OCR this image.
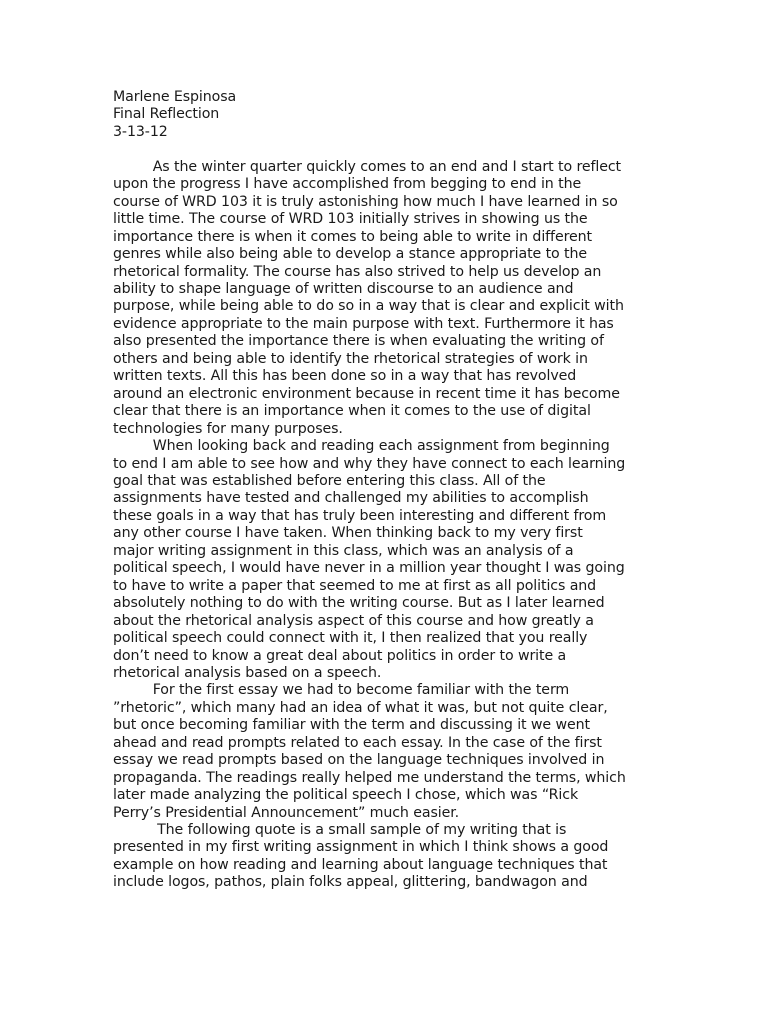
Marlene Espinosa
Final Reflection
3-13-12

As the winter quarter quickly comes to an end and I start to reflect
upon the progress I have accomplished from begging to end in the
course of WRD 103 it is truly astonishing how much I have learned in so
little time. The course of WRD 103 initially strives in showing us the
importance there is when it comes to being able to write in different
genres while also being able to develop a stance appropriate to the
rhetorical formality. The course has also strived to help us develop an
ability to shape language of written discourse to an audience and
purpose, while being able to do so in a way that is clear and explicit with
evidence appropriate to the main purpose with text. Furthermore it has
also presented the importance there is when evaluating the writing of
others and being able to identify the rhetorical strategies of work in
written texts. All this has been done so in a way that has revolved
around an electronic environment because in recent time it has become
clear that there is an importance when it comes to the use of digital
technologies for many purposes.
When looking back and reading each assignment from beginning
to end I am able to see how and why they have connect to each learning
goal that was established before entering this class. All of the
assignments have tested and challenged my abilities to accomplish
these goals in a way that has truly been interesting and different from
any other course I have taken. When thinking back to my very first
major writing assignment in this class, which was an analysis of a
political speech, I would have never in a million year thought I was going
to have to write a paper that seemed to me at first as all politics and
absolutely nothing to do with the writing course. But as I later learned
about the rhetorical analysis aspect of this course and how greatly a
political speech could connect with it, I then realized that you really
don’t need to know a great deal about politics in order to write a
rhetorical analysis based on a speech.
For the first essay we had to become familiar with the term
”rhetoric”, which many had an idea of what it was, but not quite clear,
but once becoming familiar with the term and discussing it we went
ahead and read prompts related to each essay. In the case of the first
essay we read prompts based on the language techniques involved in
propaganda. The readings really helped me understand the terms, which
later made analyzing the political speech I chose, which was “Rick
Perry’s Presidential Announcement” much easier.
The following quote is a small sample of my writing that is
presented in my first writing assignment in which I think shows a good
example on how reading and learning about language techniques that
include logos, pathos, plain folks appeal, glittering, bandwagon and
